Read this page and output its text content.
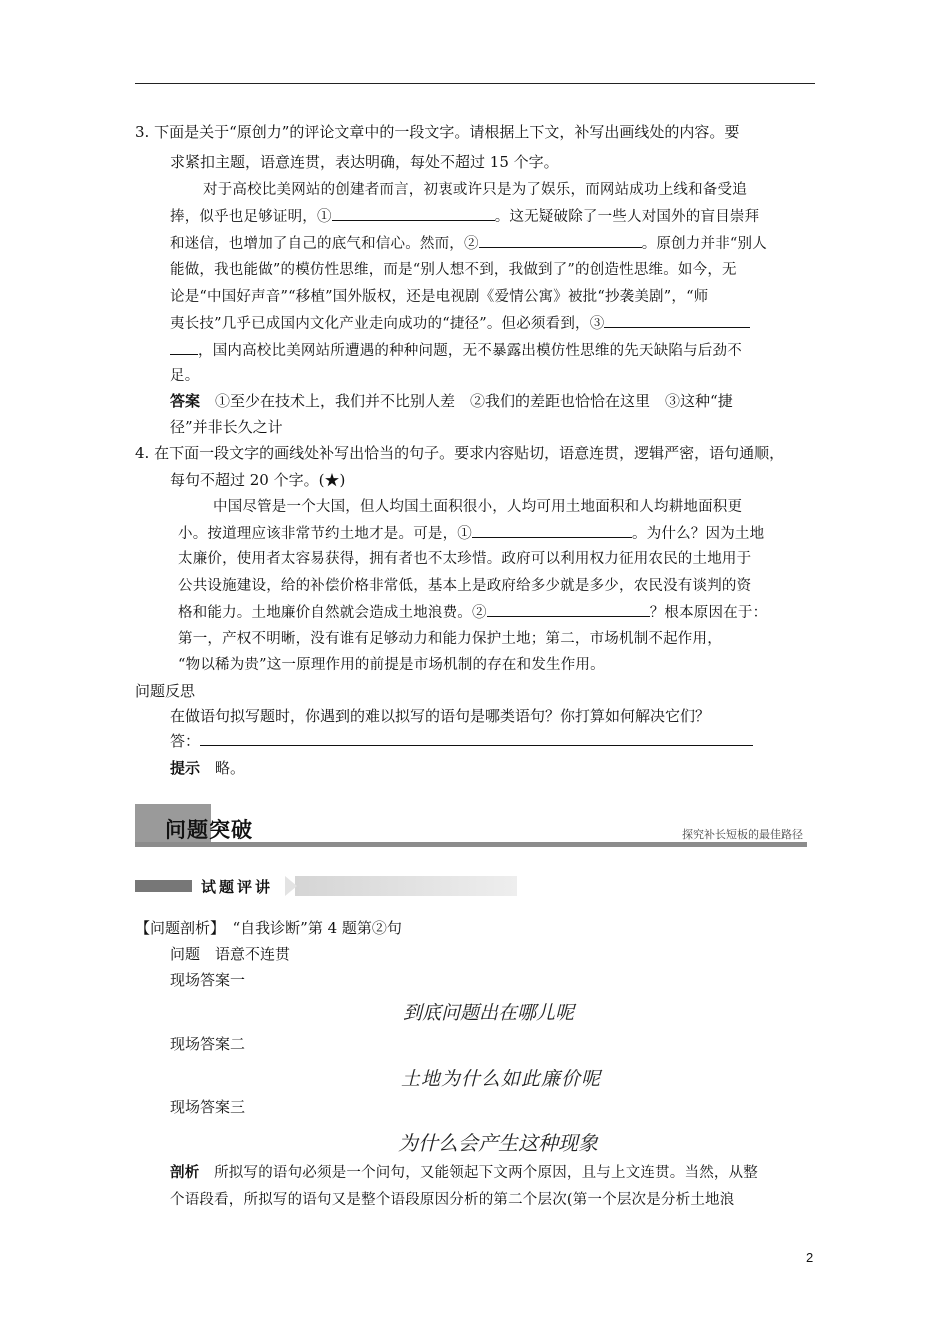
3. 下面是关于“原创力”的评论文章中的一段文字。请根据上下文，补写出画线处的内容。要
求紧扣主题，语意连贯，表达明确，每处不超过 15 个字。
对于高校比美网站的创建者而言，初衷或许只是为了娱乐，而网站成功上线和备受追
捧，似乎也足够证明，①	。这无疑破除了一些人对国外的盲目崇拜
和迷信，也增加了自己的底气和信心。然而，②	。原创力并非“别人
能做，我也能做”的模仿性思维，而是“别人想不到，我做到了”的创造性思维。如今，无
论是“中国好声音”“移植”国外版权，还是电视剧《爱情公寓》被批“抄袭美剧”，“师
夷长技”几乎已成国内文化产业走向成功的“捷径”。但必须看到，③
，国内高校比美网站所遭遇的种种问题，无不暴露出模仿性思维的先天缺陷与后劲不
足。
答案　 ①至少在技术上，我们并不比别人差　②我们的差距也恰恰在这里　③这种“捷
径”并非长久之计
4. 在下面一段文字的画线处补写出恰当的句子。要求内容贴切，语意连贯，逻辑严密，语句通顺，
每句不超过 20 个字。(★)
中国尽管是一个大国，但人均国土面积很小，人均可用土地面积和人均耕地面积更
小。按道理应该非常节约土地才是。可是，①	。为什么？因为土地
太廉价，使用者太容易获得，拥有者也不太珍惜。政府可以利用权力征用农民的土地用于
公共设施建设，给的补偿价格非常低，基本上是政府给多少就是多少，农民没有谈判的资
格和能力。土地廉价自然就会造成土地浪费。②	？根本原因在于：
第一，产权不明晰，没有谁有足够动力和能力保护土地；第二，市场机制不起作用，
“物以稀为贵”这一原理作用的前提是市场机制的存在和发生作用。
问题反思
在做语句拟写题时，你遇到的难以拟写的语句是哪类语句？你打算如何解决它们？
答：
提示　 略。
问题突破	探究补长短板的最佳路径
试题评讲
【问题剖析】　“自我诊断”第 4 题第②句
问题　 语意不连贯
现场答案一
到底问题出在哪儿呢
现场答案二
土地为什么如此廉价呢
现场答案三
为什么会产生这种现象
剖析　 所拟写的语句必须是一个问句，又能领起下文两个原因，且与上文连贯。当然，从整
个语段看，所拟写的语句又是整个语段原因分析的第二个层次(第一个层次是分析土地浪
2
